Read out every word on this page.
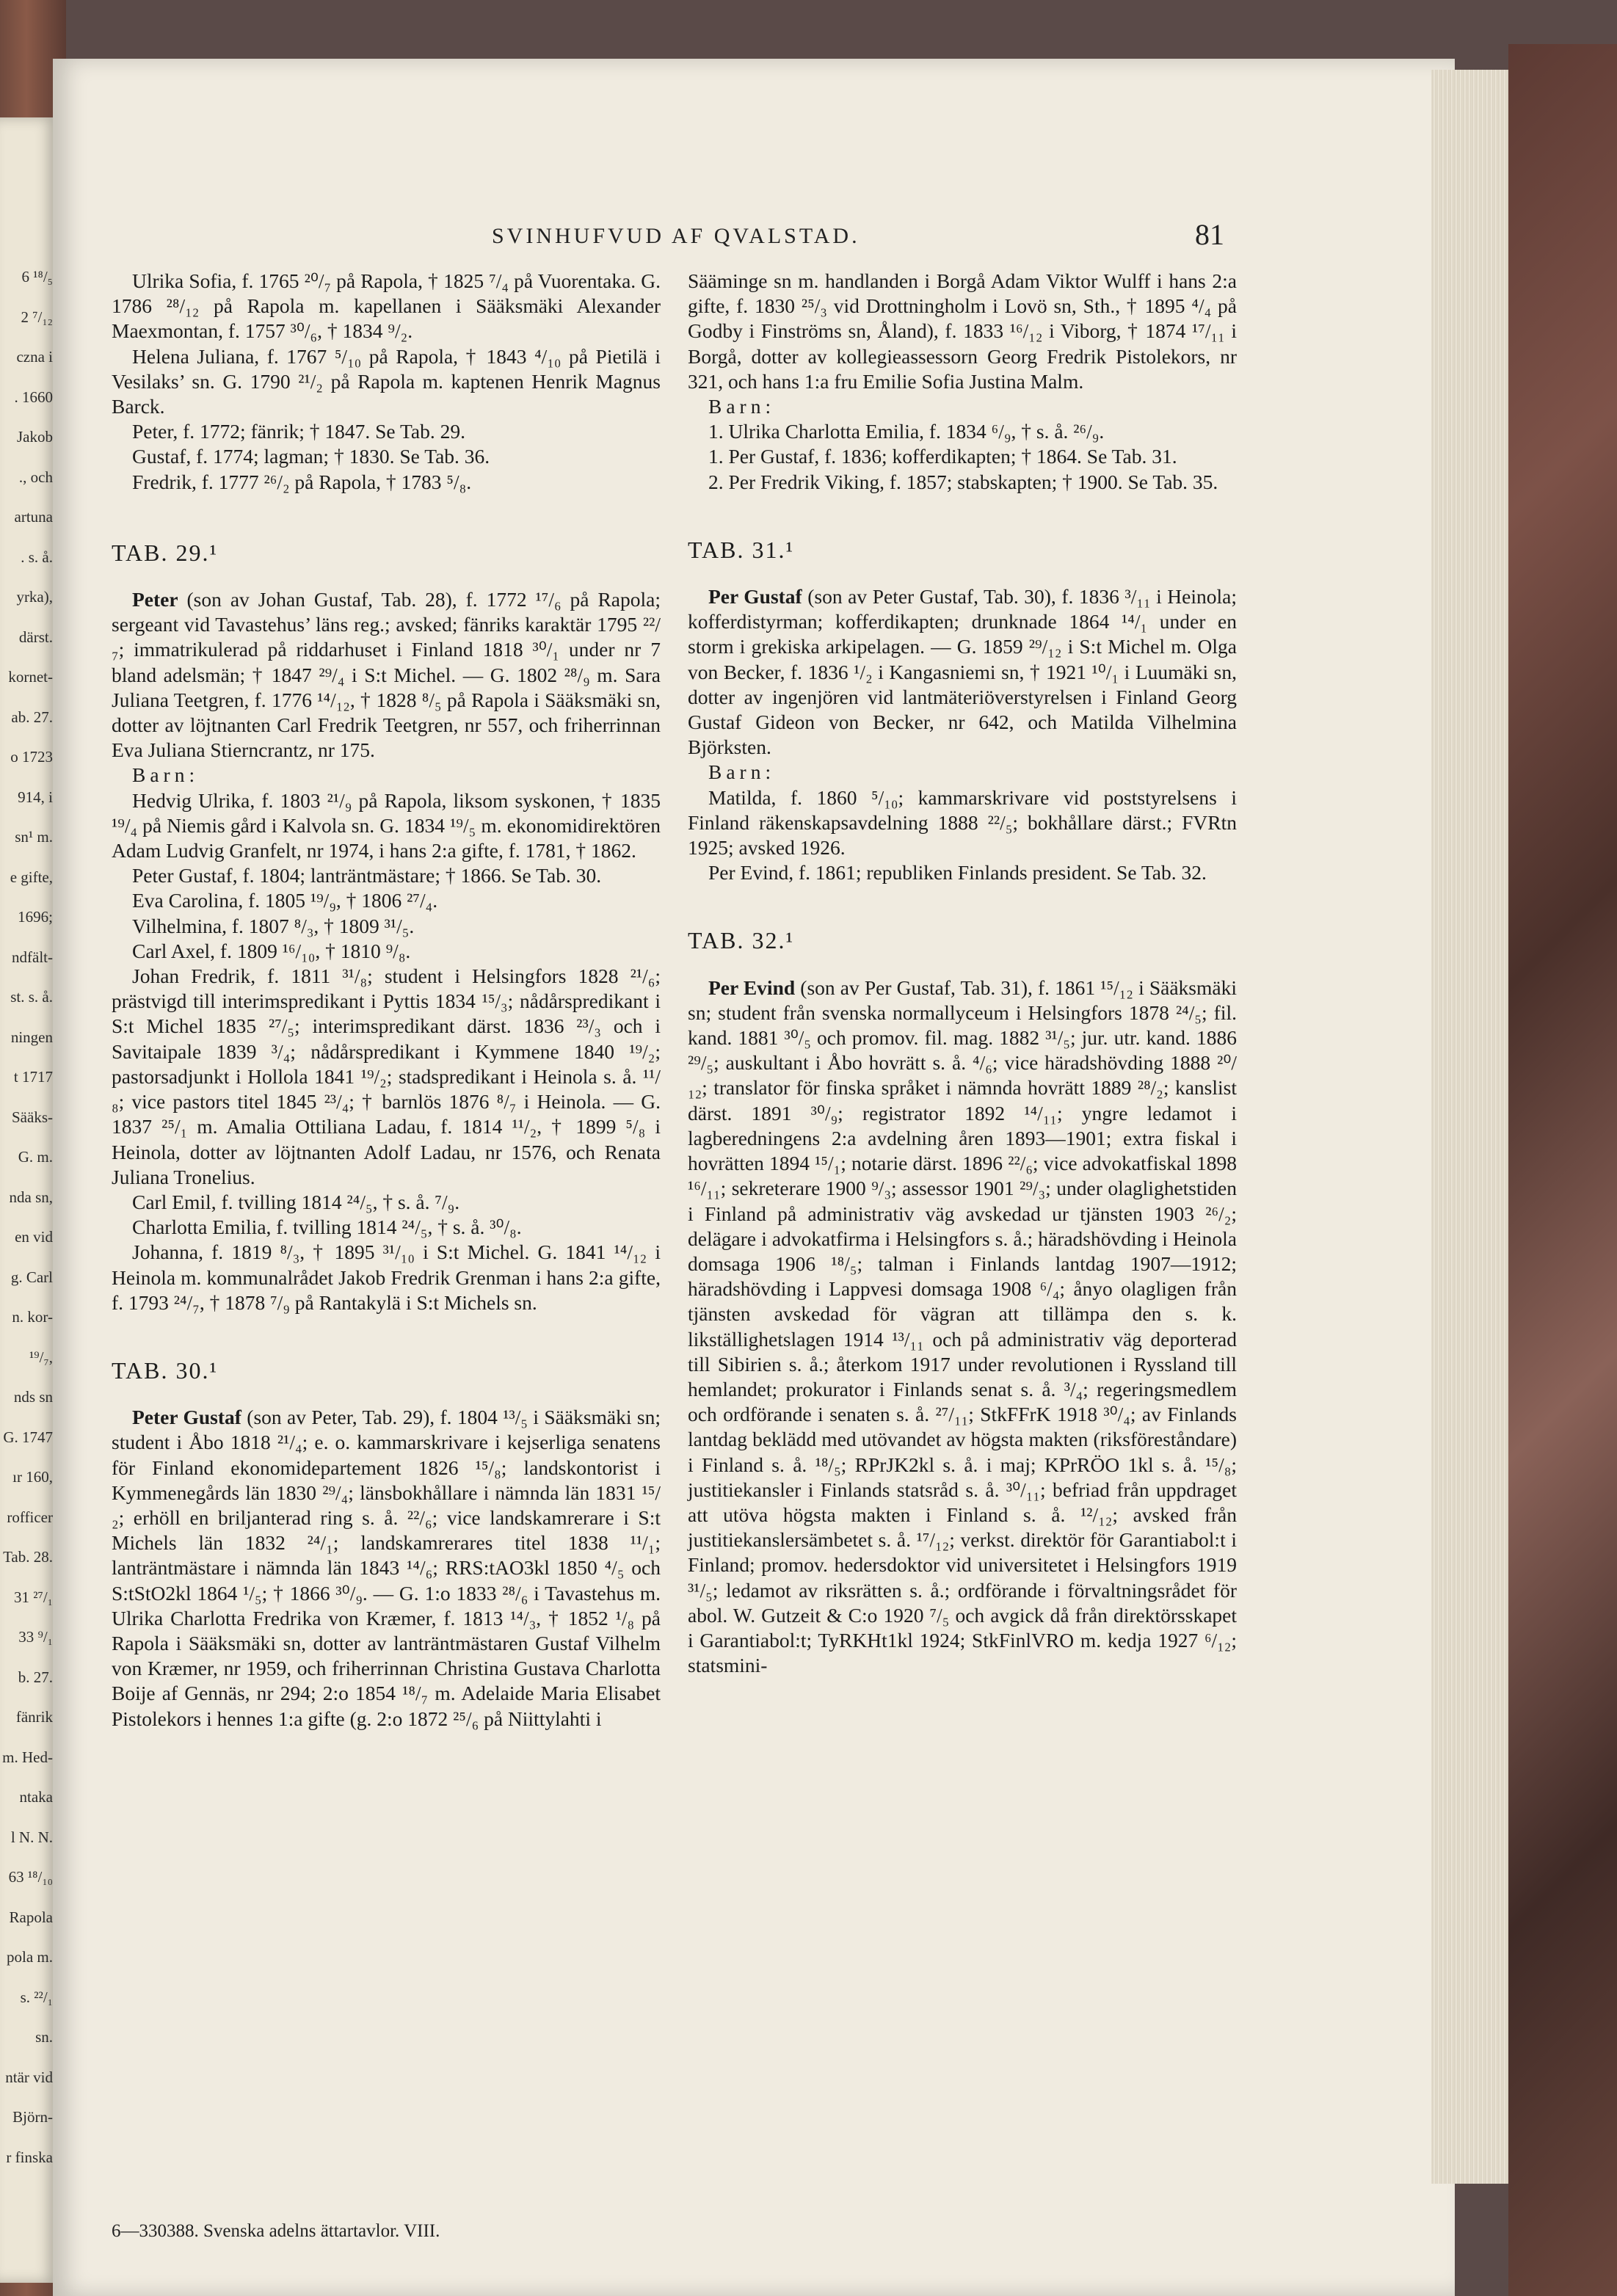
6 ¹⁸/₅
2 ⁷/₁₂
czna i
. 1660
Jakob
., och
artuna
. s. å.
yrka),
därst.
kornet-
ab. 27.
o 1723
914, i
sn¹ m.
e gifte,
1696;
ndfält-
st. s. å.
ningen
t 1717
Sääks-
G. m.
nda sn,
en vid
g. Carl
n. kor-
¹⁹/₇,
nds sn
G. 1747
ır 160,
rofficer
Tab. 28.
31 ²⁷/₁
33 ⁹/₁
b. 27.
fänrik
m. Hed-
ntaka
l N. N.
63 ¹⁸/₁₀
Rapola
pola m.
s. ²²/₁
sn.
ntär vid
Björn-
r finska
SVINHUFVUD AF QVALSTAD.	81

Ulrika Sofia, f. 1765 ²⁰/₇ på Rapola, † 1825 ⁷/₄ på Vuorentaka. G. 1786 ²⁸/₁₂ på Rapola m. kapellanen i Sääksmäki Alexander Maexmontan, f. 1757 ³⁰/₆, † 1834 ⁹/₂.

Helena Juliana, f. 1767 ⁵/₁₀ på Rapola, † 1843 ⁴/₁₀ på Pietilä i Vesilaks’ sn. G. 1790 ²¹/₂ på Rapola m. kaptenen Henrik Magnus Barck.

Peter, f. 1772; fänrik; † 1847. Se Tab. 29.

Gustaf, f. 1774; lagman; † 1830. Se Tab. 36.

Fredrik, f. 1777 ²⁶/₂ på Rapola, † 1783 ⁵/₈.

TAB. 29.¹

Peter (son av Johan Gustaf, Tab. 28), f. 1772 ¹⁷/₆ på Rapola; sergeant vid Tavastehus’ läns reg.; avsked; fänriks karaktär 1795 ²²/₇; immatrikulerad på riddarhuset i Finland 1818 ³⁰/₁ under nr 7 bland adelsmän; † 1847 ²⁹/₄ i S:t Michel. — G. 1802 ²⁸/₉ m. Sara Juliana Teetgren, f. 1776 ¹⁴/₁₂, † 1828 ⁸/₅ på Rapola i Sääksmäki sn, dotter av löjtnanten Carl Fredrik Teetgren, nr 557, och friherrinnan Eva Juliana Stierncrantz, nr 175.

Barn:

Hedvig Ulrika, f. 1803 ²¹/₉ på Rapola, liksom syskonen, † 1835 ¹⁹/₄ på Niemis gård i Kalvola sn. G. 1834 ¹⁹/₅ m. ekonomidirektören Adam Ludvig Granfelt, nr 1974, i hans 2:a gifte, f. 1781, † 1862.

Peter Gustaf, f. 1804; lanträntmästare; † 1866. Se Tab. 30.

Eva Carolina, f. 1805 ¹⁹/₉, † 1806 ²⁷/₄.

Vilhelmina, f. 1807 ⁸/₃, † 1809 ³¹/₅.

Carl Axel, f. 1809 ¹⁶/₁₀, † 1810 ⁹/₈.

Johan Fredrik, f. 1811 ³¹/₈; student i Helsingfors 1828 ²¹/₆; prästvigd till interimspredikant i Pyttis 1834 ¹⁵/₃; nådårspredikant i S:t Michel 1835 ²⁷/₅; interimspredikant därst. 1836 ²³/₃ och i Savitaipale 1839 ³/₄; nådårspredikant i Kymmene 1840 ¹⁹/₂; pastorsadjunkt i Hollola 1841 ¹⁹/₂; stadspredikant i Heinola s. å. ¹¹/₈; vice pastors titel 1845 ²³/₄; † barnlös 1876 ⁸/₇ i Heinola. — G. 1837 ²⁵/₁ m. Amalia Ottiliana Ladau, f. 1814 ¹¹/₂, † 1899 ⁵/₈ i Heinola, dotter av löjtnanten Adolf Ladau, nr 1576, och Renata Juliana Tronelius.

Carl Emil, f. tvilling 1814 ²⁴/₅, † s. å. ⁷/₉.

Charlotta Emilia, f. tvilling 1814 ²⁴/₅, † s. å. ³⁰/₈.

Johanna, f. 1819 ⁸/₃, † 1895 ³¹/₁₀ i S:t Michel. G. 1841 ¹⁴/₁₂ i Heinola m. kommunalrådet Jakob Fredrik Grenman i hans 2:a gifte, f. 1793 ²⁴/₇, † 1878 ⁷/₉ på Rantakylä i S:t Michels sn.

TAB. 30.¹

Peter Gustaf (son av Peter, Tab. 29), f. 1804 ¹³/₅ i Sääksmäki sn; student i Åbo 1818 ²¹/₄; e. o. kammarskrivare i kejserliga senatens för Finland ekonomidepartement 1826 ¹⁵/₈; landskontorist i Kymmenegårds län 1830 ²⁹/₄; länsbokhållare i nämnda län 1831 ¹⁵/₂; erhöll en briljanterad ring s. å. ²²/₆; vice landskamrerare i S:t Michels län 1832 ²⁴/₁; landskamrerares titel 1838 ¹¹/₁; lanträntmästare i nämnda län 1843 ¹⁴/₆; RRS:tAO3kl 1850 ⁴/₅ och S:tStO2kl 1864 ¹/₅; † 1866 ³⁰/₉. — G. 1:o 1833 ²⁸/₆ i Tavastehus m. Ulrika Charlotta Fredrika von Kræmer, f. 1813 ¹⁴/₃, † 1852 ¹/₈ på Rapola i Sääksmäki sn, dotter av lanträntmästaren Gustaf Vilhelm von Kræmer, nr 1959, och friherrinnan Christina Gustava Charlotta Boije af Gennäs, nr 294; 2:o 1854 ¹⁸/₇ m. Adelaide Maria Elisabet Pistolekors i hennes 1:a gifte (g. 2:o 1872 ²⁵/₆ på Niittylahti i

Sääminge sn m. handlanden i Borgå Adam Viktor Wulff i hans 2:a gifte, f. 1830 ²⁵/₃ vid Drottningholm i Lovö sn, Sth., † 1895 ⁴/₄ på Godby i Finströms sn, Åland), f. 1833 ¹⁶/₁₂ i Viborg, † 1874 ¹⁷/₁₁ i Borgå, dotter av kollegieassessorn Georg Fredrik Pistolekors, nr 321, och hans 1:a fru Emilie Sofia Justina Malm.

Barn:

1. Ulrika Charlotta Emilia, f. 1834 ⁶/₉, † s. å. ²⁶/₉.

1. Per Gustaf, f. 1836; kofferdikapten; † 1864. Se Tab. 31.

2. Per Fredrik Viking, f. 1857; stabskapten; † 1900. Se Tab. 35.

TAB. 31.¹

Per Gustaf (son av Peter Gustaf, Tab. 30), f. 1836 ³/₁₁ i Heinola; kofferdistyrman; kofferdikapten; drunknade 1864 ¹⁴/₁ under en storm i grekiska arkipelagen. — G. 1859 ²⁹/₁₂ i S:t Michel m. Olga von Becker, f. 1836 ¹/₂ i Kangasniemi sn, † 1921 ¹⁰/₁ i Luumäki sn, dotter av ingenjören vid lantmäteriöverstyrelsen i Finland Georg Gustaf Gideon von Becker, nr 642, och Matilda Vilhelmina Björksten.

Barn:

Matilda, f. 1860 ⁵/₁₀; kammarskrivare vid poststyrelsens i Finland räkenskapsavdelning 1888 ²²/₅; bokhållare därst.; FVRtn 1925; avsked 1926.

Per Evind, f. 1861; republiken Finlands president. Se Tab. 32.

TAB. 32.¹

Per Evind (son av Per Gustaf, Tab. 31), f. 1861 ¹⁵/₁₂ i Sääksmäki sn; student från svenska normallyceum i Helsingfors 1878 ²⁴/₅; fil. kand. 1881 ³⁰/₅ och promov. fil. mag. 1882 ³¹/₅; jur. utr. kand. 1886 ²⁹/₅; auskultant i Åbo hovrätt s. å. ⁴/₆; vice häradshövding 1888 ²⁰/₁₂; translator för finska språket i nämnda hovrätt 1889 ²⁸/₂; kanslist därst. 1891 ³⁰/₉; registrator 1892 ¹⁴/₁₁; yngre ledamot i lagberedningens 2:a avdelning åren 1893—1901; extra fiskal i hovrätten 1894 ¹⁵/₁; notarie därst. 1896 ²²/₆; vice advokatfiskal 1898 ¹⁶/₁₁; sekreterare 1900 ⁹/₃; assessor 1901 ²⁹/₃; under olaglighetstiden i Finland på administrativ väg avskedad ur tjänsten 1903 ²⁶/₂; delägare i advokatfirma i Helsingfors s. å.; häradshövding i Heinola domsaga 1906 ¹⁸/₅; talman i Finlands lantdag 1907—1912; häradshövding i Lappvesi domsaga 1908 ⁶/₄; ånyo olagligen från tjänsten avskedad för vägran att tillämpa den s. k. likställighetslagen 1914 ¹³/₁₁ och på administrativ väg deporterad till Sibirien s. å.; återkom 1917 under revolutionen i Ryssland till hemlandet; prokurator i Finlands senat s. å. ³/₄; regeringsmedlem och ordförande i senaten s. å. ²⁷/₁₁; StkFFrK 1918 ³⁰/₄; av Finlands lantdag beklädd med utövandet av högsta makten (riksföreståndare) i Finland s. å. ¹⁸/₅; RPrJK2kl s. å. i maj; KPrRÖO 1kl s. å. ¹⁵/₈; justitiekansler i Finlands statsråd s. å. ³⁰/₁₁; befriad från uppdraget att utöva högsta makten i Finland s. å. ¹²/₁₂; avsked från justitiekanslersämbetet s. å. ¹⁷/₁₂; verkst. direktör för Garantiabol:t i Finland; promov. hedersdoktor vid universitetet i Helsingfors 1919 ³¹/₅; ledamot av riksrätten s. å.; ordförande i förvaltningsrådet för abol. W. Gutzeit & C:o 1920 ⁷/₅ och avgick då från direktörsskapet i Garantiabol:t; TyRKHt1kl 1924; StkFinlVRO m. kedja 1927 ⁶/₁₂; statsmini-

6—330388. Svenska adelns ättartavlor. VIII.
